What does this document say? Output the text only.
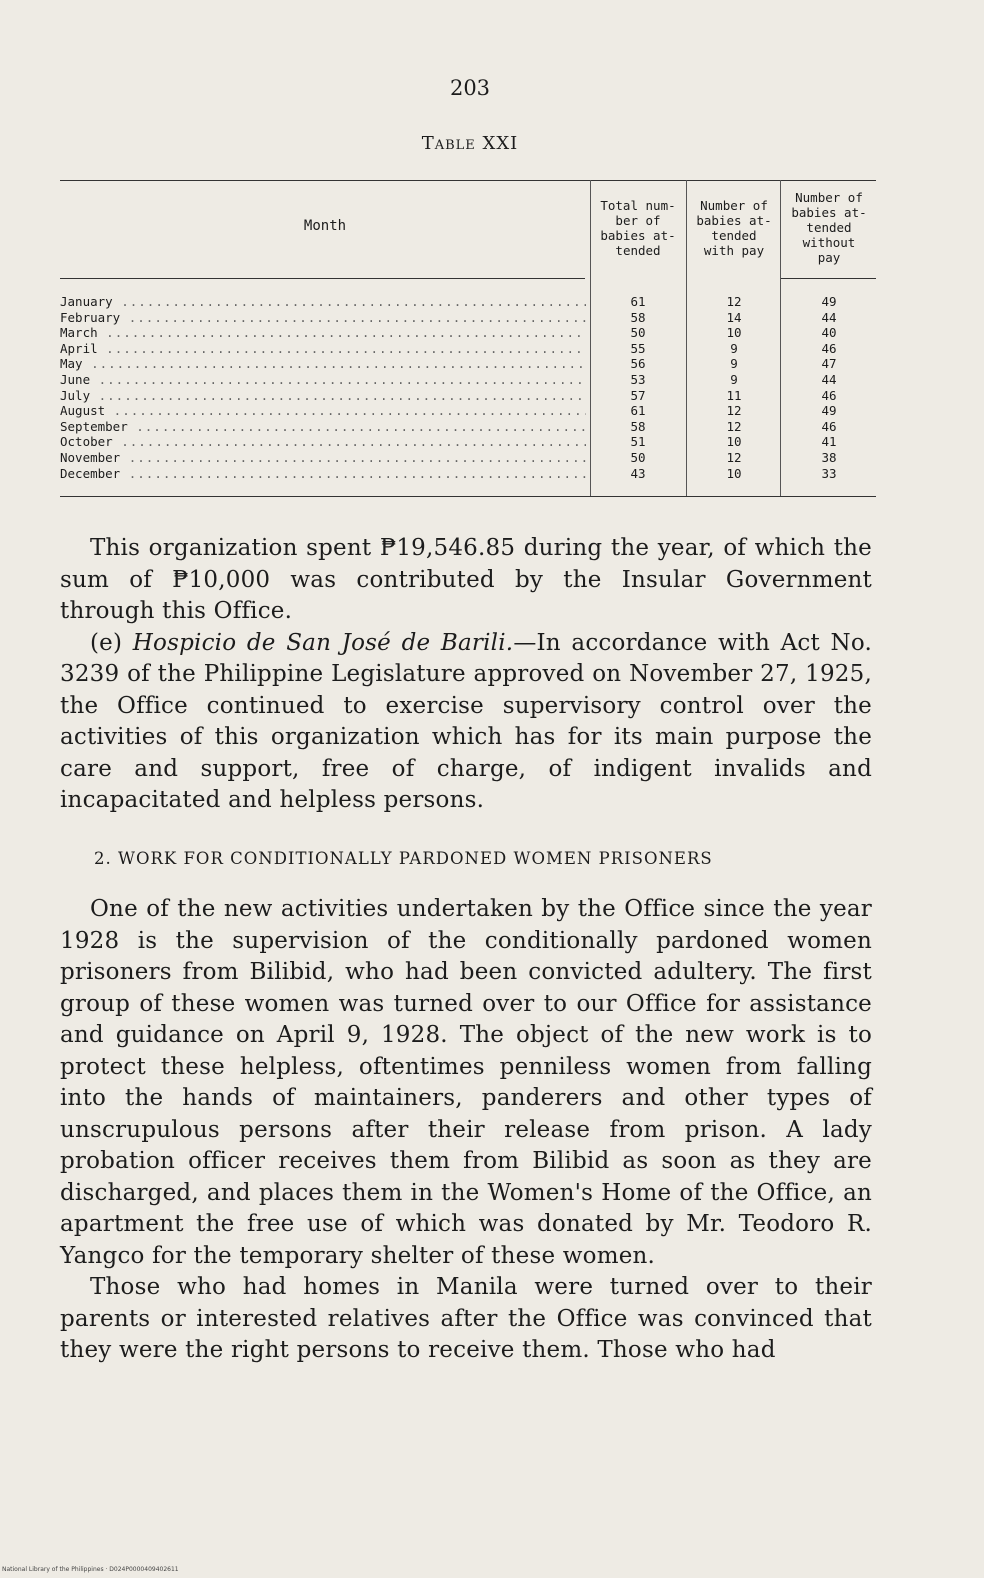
203
Table XXI
Month
Total num-
ber of
babies at-
tended
Number of
babies at-
tended
with pay
Number of
babies at-
tended
without
pay
January .....	61	12	49
February .....	58	14	44
March .....	50	10	40
April .....	55	9	46
May .....	56	9	47
June .....	53	9	44
July .....	57	11	46
August .....	61	12	49
September .....	58	12	46
October .....	51	10	41
November .....	50	12	38
December .....	43	10	33

This organization spent ₱19,546.85 during the year, of which the sum of ₱10,000 was contributed by the Insular Government through this Office.

(e) Hospicio de San José de Barili.—In accordance with Act No. 3239 of the Philippine Legislature approved on November 27, 1925, the Office continued to exercise supervisory control over the activities of this organization which has for its main purpose the care and support, free of charge, of indigent invalids and incapacitated and helpless persons.

2. WORK FOR CONDITIONALLY PARDONED WOMEN PRISONERS

One of the new activities undertaken by the Office since the year 1928 is the supervision of the conditionally pardoned women prisoners from Bilibid, who had been convicted adultery. The first group of these women was turned over to our Office for assistance and guidance on April 9, 1928. The object of the new work is to protect these helpless, oftentimes penniless women from falling into the hands of maintainers, panderers and other types of unscrupulous persons after their release from prison. A lady probation officer receives them from Bilibid as soon as they are discharged, and places them in the Women's Home of the Office, an apartment the free use of which was donated by Mr. Teodoro R. Yangco for the temporary shelter of these women.

Those who had homes in Manila were turned over to their parents or interested relatives after the Office was convinced that they were the right persons to receive them. Those who had

National Library of the Philippines · D024P0000409402611
